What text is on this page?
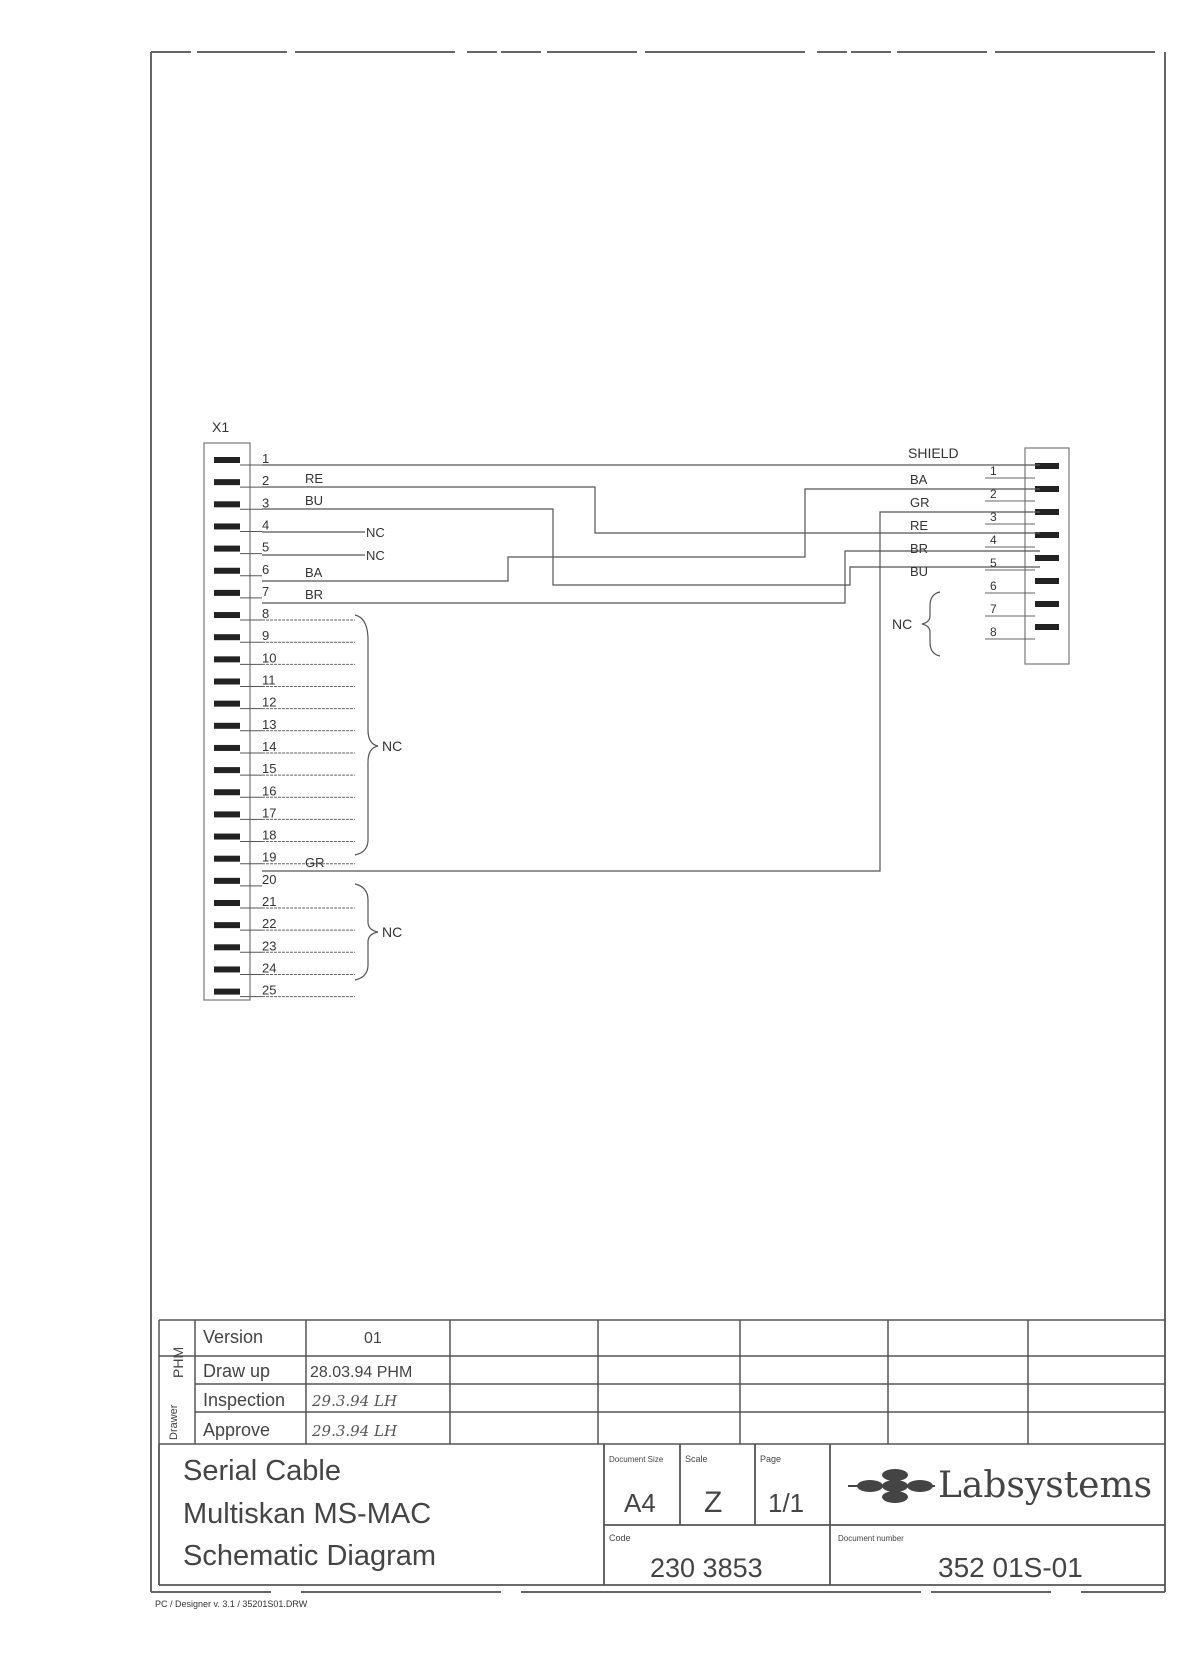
X1
1
2
3
4
5
6
7
8
9
10
11
12
13
14
15
16
17
18
19
20
21
22
23
24
25
SHIELD
1
2
3
4
5
6
7
8
RE
BU
BA
BR
GR
NC
NC
NC
NC
BA
GR
RE
BR
BU
NC
Drawer
PHM
Version	01
Draw up 28.03.94 PHM
Inspection 29.3.94 LH
Approve	29.3.94 LH
Serial Cable
Multiskan MS-MAC
Schematic Diagram
Document Size
A4
Scale
Z
Page
1/1
Code
230 3853
Labsystems
Document number
352 01S-01
PC / Designer v. 3.1 / 35201S01.DRW
